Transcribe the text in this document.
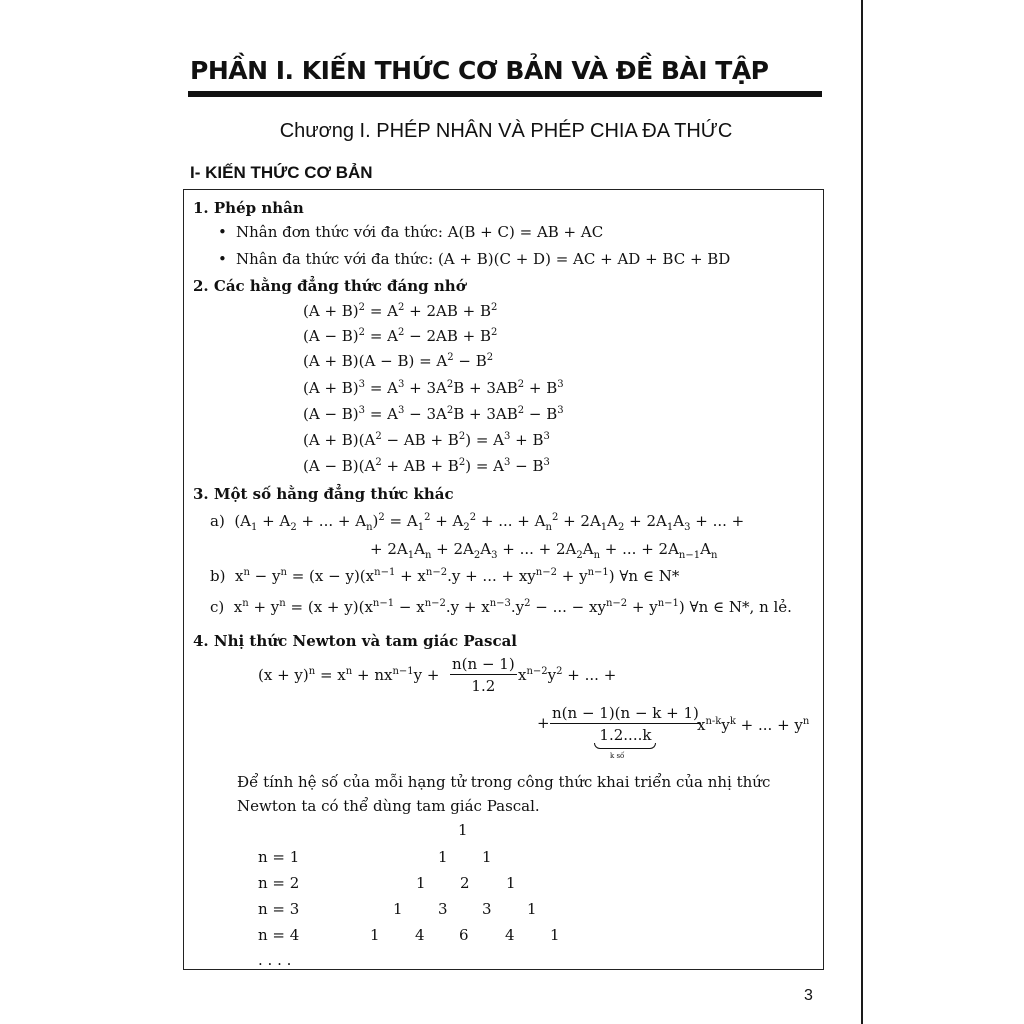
PHẦN I. KIẾN THỨC CƠ BẢN VÀ ĐỀ BÀI TẬP
Chương I. PHÉP NHÂN VÀ PHÉP CHIA ĐA THỨC
I- KIẾN THỨC CƠ BẢN
1. Phép nhân
• Nhân đơn thức với đa thức: A(B + C) = AB + AC
• Nhân đa thức với đa thức: (A + B)(C + D) = AC + AD + BC + BD
2. Các hằng đẳng thức đáng nhớ
$(A + B)^2 = A^2 + 2AB + B^2$
$(A - B)^2 = A^2 - 2AB + B^2$
$(A + B)(A - B) = A^2 - B^2$
$(A + B)^3 = A^3 + 3A^2B + 3AB^2 + B^3$
$(A - B)^3 = A^3 - 3A^2B + 3AB^2 - B^3$
$(A + B)(A^2$ − AB + $B^2) = A^3 + B^3$
$(A - B)(A^2$ + AB + $B^2) = A^3 - B^3$
3. Một số hằng đẳng thức khác
a)  ($A_1 + A_2$ + ... + $A_n)^2 = A_1^2 + A_2^2$ + ... + $A_n^2 + 2A_1A_2 + 2A_1A_3$ + ... +
+ $2A_1A_n + 2A_2A_3$ + ... + $2A_2A_n$ + ... + $2A_{n-1}A_n$
b)  $x^n - y^n = (x - y)(x^{n-1} + x^{n-2}.y$ + ... + $xy^{n-2} + y^{n-1}$) ∀n ∈ N*
c)  $x^n + y^n = (x + y)(x^{n-1} - x^{n-2}.y + x^{n-3}.y^2$ − ... − $xy^{n-2} + y^{n-1}$) ∀n ∈ N*, n lẻ.
4. Nhị thức Newton và tam giác Pascal
$(x + y)^n = x^n + nx^{n-1}y + \frac{n(n - 1)}{1.2} x^{n-2}y^2$ + ... +
+ $\frac{n(n - 1)(n - k + 1)}{1.2....k}$
k số
$x^{n-k}y^k$ + ... + $y^n$
Để tính hệ số của mỗi hạng tử trong công thức khai triển của nhị thức
Newton ta có thể dùng tam giác Pascal.
1
n = 1	1 1
n = 2	1 2 1
n = 3	1 3 3 1
n = 4	1 4 6 4 1
. . . .
3
